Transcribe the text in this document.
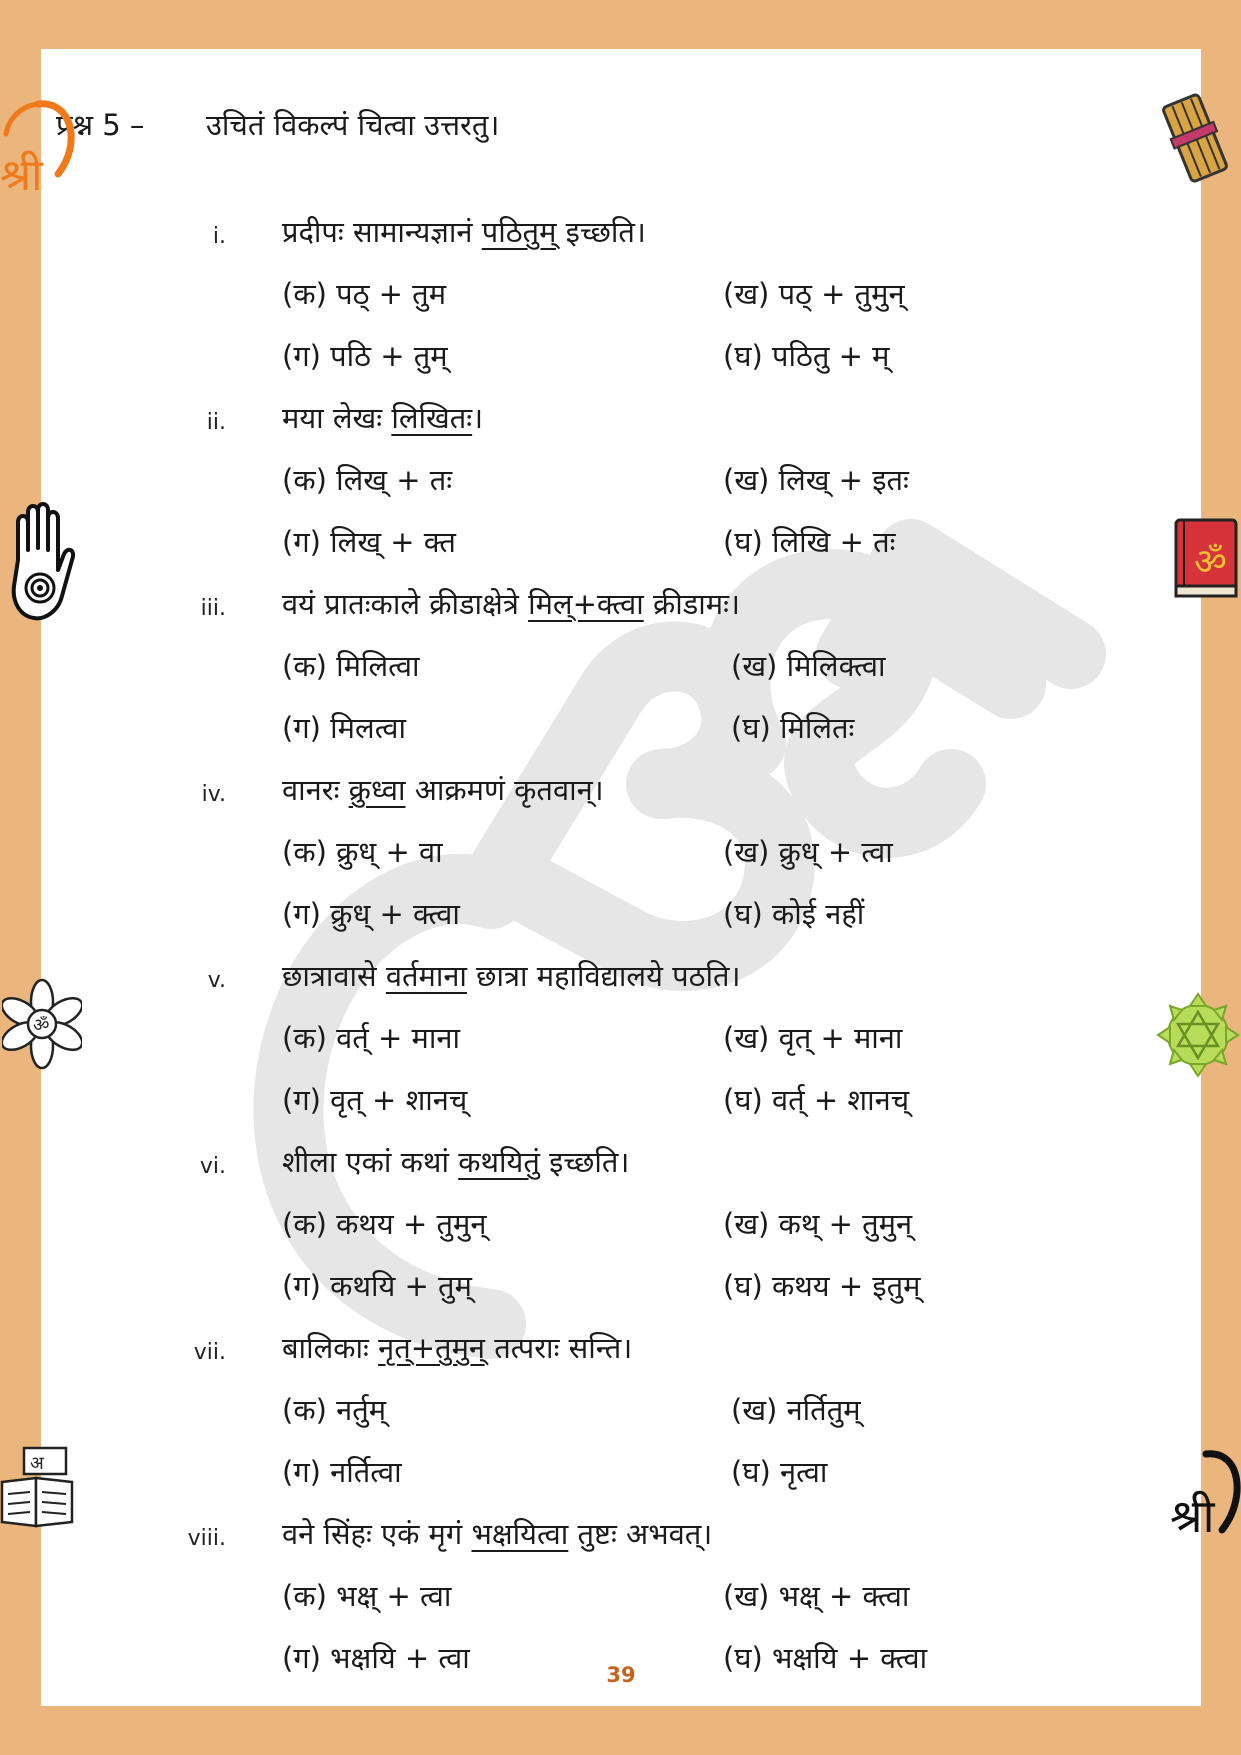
प्रश्न 5 – उचितं विकल्पं चित्वा उत्तरतु।
i. प्रदीपः सामान्यज्ञानं पठितुम् इच्छति।
(क) पठ् + तुम	(ख) पठ् + तुमुन्
(ग) पठि + तुम्	(घ) पठितु + म्
ii. मया लेखः लिखितः।
(क) लिख् + तः	(ख) लिख् + इतः
(ग) लिख् + क्त	(घ) लिखि + तः
iii. वयं प्रातःकाले क्रीडाक्षेत्रे मिल्+क्त्वा क्रीडामः।
(क) मिलित्वा	(ख) मिलिक्त्वा
(ग) मिलत्वा	(घ) मिलितः
iv. वानरः क्रुध्वा आक्रमणं कृतवान्।
(क) क्रुध् + वा	(ख) क्रुध् + त्वा
(ग) क्रुध् + क्त्वा	(घ) कोई नहीं
v. छात्रावासे वर्तमाना छात्रा महाविद्यालये पठति।
(क) वर्त् + माना	(ख) वृत् + माना
(ग) वृत् + शानच्	(घ) वर्त् + शानच्
vi. शीला एकां कथां कथयितुं इच्छति।
(क) कथय + तुमुन्	(ख) कथ् + तुमुन्
(ग) कथयि + तुम्	(घ) कथय + इतुम्
vii. बालिकाः नृत्+तुमुन् तत्पराः सन्ति।
(क) नर्तुम्	(ख) नर्तितुम्
(ग) नर्तित्वा	(घ) नृत्वा
viii. वने सिंहः एकं मृगं भक्षयित्वा तुष्टः अभवत्।
(क) भक्ष् + त्वा	(ख) भक्ष् + क्त्वा
(ग) भक्षयि + त्वा	(घ) भक्षयि + क्त्वा
39
श्री
ॐ
ॐ
अ
श्री
